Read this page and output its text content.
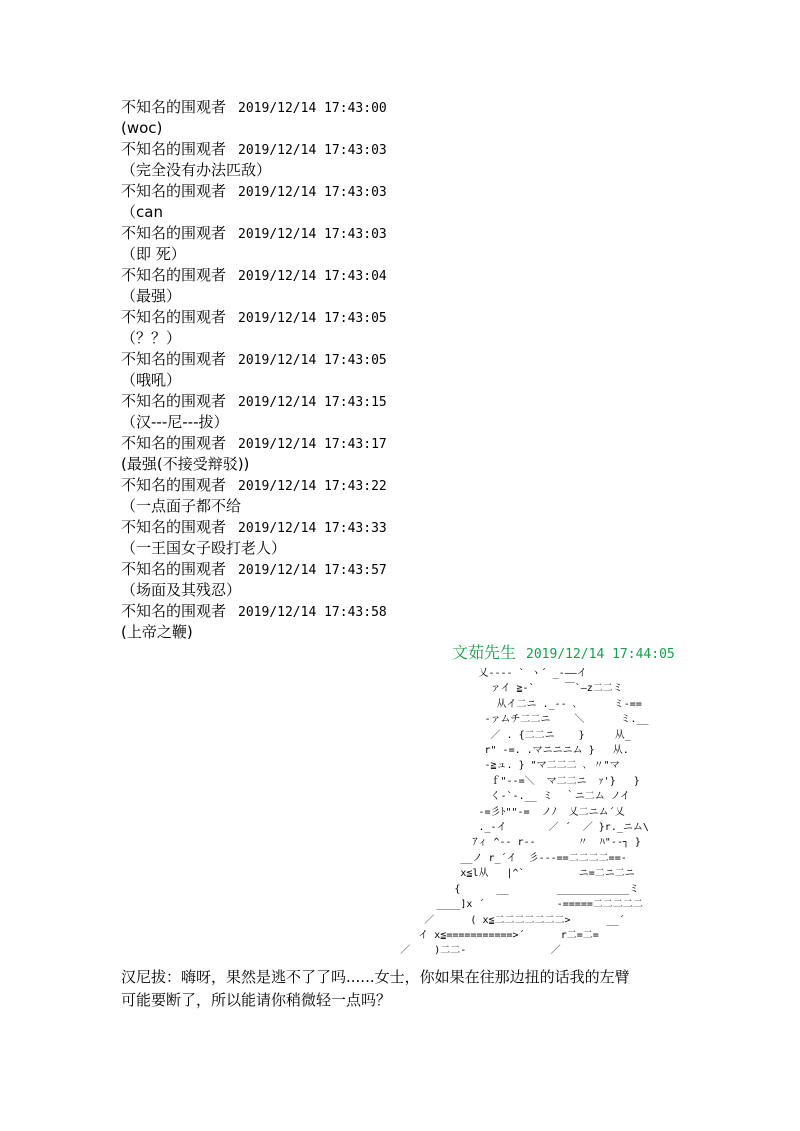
不知名的围观者 2019/12/14 17:43:00
(woc)
不知名的围观者 2019/12/14 17:43:03
（完全没有办法匹敌）
不知名的围观者 2019/12/14 17:43:03
（can
不知名的围观者 2019/12/14 17:43:03
（即 死）
不知名的围观者 2019/12/14 17:43:04
（最强）
不知名的围观者 2019/12/14 17:43:05
（？？）
不知名的围观者 2019/12/14 17:43:05
（哦吼）
不知名的围观者 2019/12/14 17:43:15
（汉---尼---拔）
不知名的围观者 2019/12/14 17:43:17
(最强(不接受辩驳))
不知名的围观者 2019/12/14 17:43:22
（一点面子都不给
不知名的围观者 2019/12/14 17:43:33
（一王国女子殴打老人）
不知名的围观者 2019/12/14 17:43:57
（场面及其残忍）
不知名的围观者 2019/12/14 17:43:58
(上帝之鞭)
文茹先生 2019/12/14 17:44:05
乂---- ` ヽ´ _-――イ
ァイ ≧-`     ￣`―z二二ミ
从イ二ニ ._-- ､      ミ-==
-ァムチ二二ニ    ＼      ミ.__
／ . {二二ニ    }     从_
r" -=. .マニニニム }   从.
-≧ュ. } "マ二二二 ､ 〃"マ
ｆ"--=＼  マ二二ニ  ｧ'}   }
く-`-.__ ミ  ｀ニ二ム ノイ
-=彡ﾄ""-=  ノﾉ  乂二ニム´乂
._-イ       ／ ´  ／ }r._ニム\
ｱィ ^-- r--       〃  ﾊ"--┐ }
__ノ r_´イ  彡---==二二二二==-
x≦l从   |^`         ニ=二ニ二ニ
{      __        ____________ミ
____]x ´            -=====二二二二二
／      ( x≦二二二二二二二>      __´
イ x≦===========>´      r二=二=
／    )二二-              ／
汉尼拔：嗨呀，果然是逃不了了吗......女士，你如果在往那边扭的话我的左臂
可能要断了，所以能请你稍微轻一点吗？
